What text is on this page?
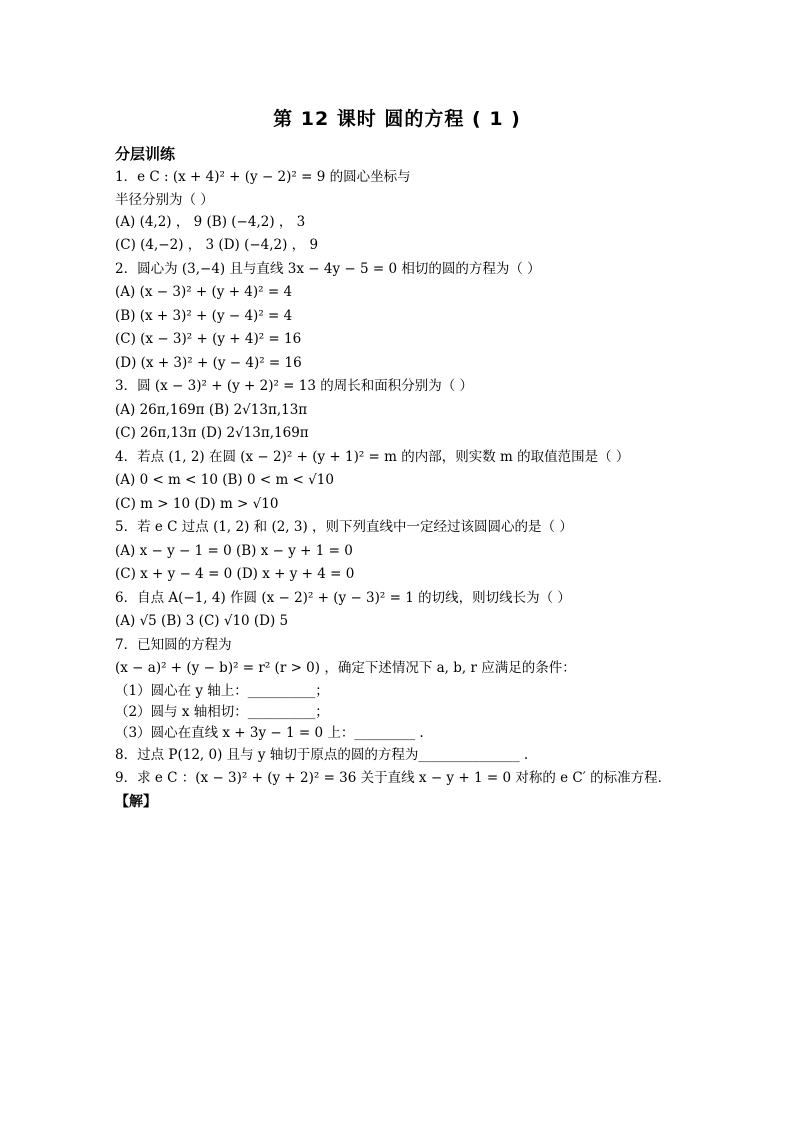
第 12 课时 圆的方程 ( 1 )
分层训练
1．e C : (x + 4)² + (y − 2)² = 9 的圆心坐标与
半径分别为（ ）
(A) (4,2) ， 9 (B) (−4,2) ， 3
(C) (4,−2) ， 3 (D) (−4,2) ， 9
2．圆心为 (3,−4) 且与直线 3x − 4y − 5 = 0 相切的圆的方程为（ ）
(A) (x − 3)² + (y + 4)² = 4
(B) (x + 3)² + (y − 4)² = 4
(C) (x − 3)² + (y + 4)² = 16
(D) (x + 3)² + (y − 4)² = 16
3．圆 (x − 3)² + (y + 2)² = 13 的周长和面积分别为（ ）
(A) 26π,169π (B) 2√13π,13π
(C) 26π,13π (D) 2√13π,169π
4．若点 (1, 2) 在圆 (x − 2)² + (y + 1)² = m 的内部，则实数 m 的取值范围是（ ）
(A) 0 < m < 10 (B) 0 < m < √10
(C) m > 10 (D) m > √10
5．若 e C 过点 (1, 2) 和 (2, 3) ，则下列直线中一定经过该圆圆心的是（ ）
(A) x − y − 1 = 0 (B) x − y + 1 = 0
(C) x + y − 4 = 0 (D) x + y + 4 = 0
6．自点 A(−1, 4) 作圆 (x − 2)² + (y − 3)² = 1 的切线，则切线长为（ ）
(A) √5 (B) 3 (C) √10 (D) 5
7．已知圆的方程为
(x − a)² + (y − b)² = r² (r > 0) ，确定下述情况下 a, b, r 应满足的条件：
（1）圆心在 y 轴上：__________；
（2）圆与 x 轴相切：__________；
（3）圆心在直线 x + 3y − 1 = 0 上：_________ .
8．过点 P(12, 0) 且与 y 轴切于原点的圆的方程为_______________ .
9．求 e C ：(x − 3)² + (y + 2)² = 36 关于直线 x − y + 1 = 0 对称的 e C′ 的标准方程．
【解】
